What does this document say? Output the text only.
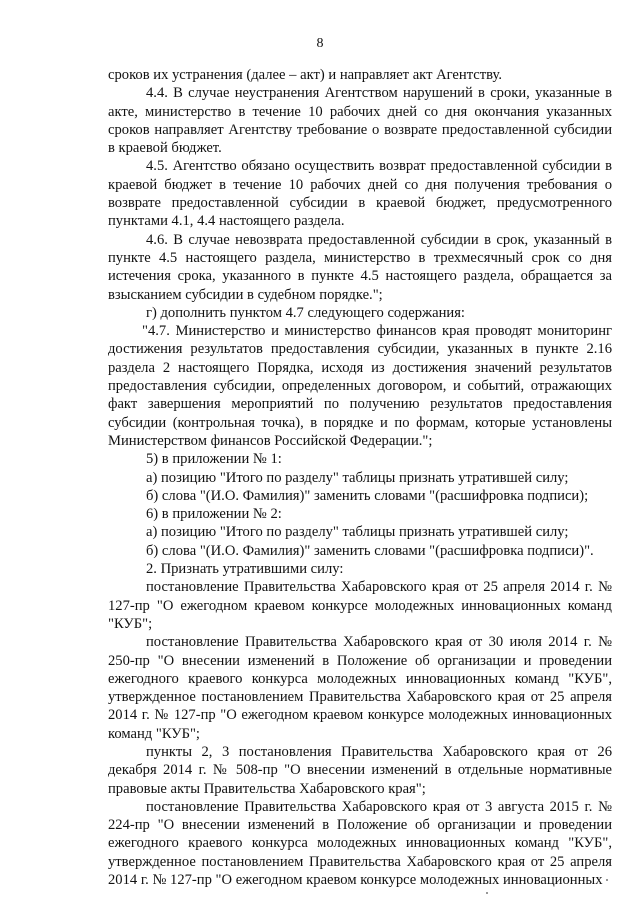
8

сроков их устранения (далее – акт) и направляет акт Агентству.

4.4. В случае неустранения Агентством нарушений в сроки, указанные в акте, министерство в течение 10 рабочих дней со дня окончания указанных сроков направляет Агентству требование о возврате предоставленной субсидии в краевой бюджет.

4.5. Агентство обязано осуществить возврат предоставленной субсидии в краевой бюджет в течение 10 рабочих дней со дня получения требования о возврате предоставленной субсидии в краевой бюджет, предусмотренного пунктами 4.1, 4.4 настоящего раздела.

4.6. В случае невозврата предоставленной субсидии в срок, указанный в пункте 4.5 настоящего раздела, министерство в трехмесячный срок со дня истечения срока, указанного в пункте 4.5 настоящего раздела, обращается за взысканием субсидии в судебном порядке.";

г) дополнить пунктом 4.7 следующего содержания:

"4.7. Министерство и министерство финансов края проводят мониторинг достижения результатов предоставления субсидии, указанных в пункте 2.16 раздела 2 настоящего Порядка, исходя из достижения значений результатов предоставления субсидии, определенных договором, и событий, отражающих факт завершения мероприятий по получению результатов предоставления субсидии (контрольная точка), в порядке и по формам, которые установлены Министерством финансов Российской Федерации.";

5) в приложении № 1:

а) позицию "Итого по разделу" таблицы признать утратившей силу;

б) слова "(И.О. Фамилия)" заменить словами "(расшифровка подписи);

6) в приложении № 2:

а) позицию "Итого по разделу" таблицы признать утратившей силу;

б) слова "(И.О. Фамилия)" заменить словами "(расшифровка подписи)".

2. Признать утратившими силу:

постановление Правительства Хабаровского края от 25 апреля 2014 г. № 127-пр "О ежегодном краевом конкурсе молодежных инновационных команд "КУБ";

постановление Правительства Хабаровского края от 30 июля 2014 г. № 250-пр "О внесении изменений в Положение об организации и проведении ежегодного краевого конкурса молодежных инновационных команд "КУБ", утвержденное постановлением Правительства Хабаровского края от 25 апреля 2014 г. № 127-пр "О ежегодном краевом конкурсе молодежных инновационных команд "КУБ";

пункты 2, 3 постановления Правительства Хабаровского края от 26 декабря 2014 г. № 508-пр "О внесении изменений в отдельные нормативные правовые акты Правительства Хабаровского края";

постановление Правительства Хабаровского края от 3 августа 2015 г. № 224-пр "О внесении изменений в Положение об организации и проведении ежегодного краевого конкурса молодежных инновационных команд "КУБ", утвержденное постановлением Правительства Хабаровского края от 25 апреля 2014 г. № 127-пр "О ежегодном краевом конкурсе молодежных инновационных
